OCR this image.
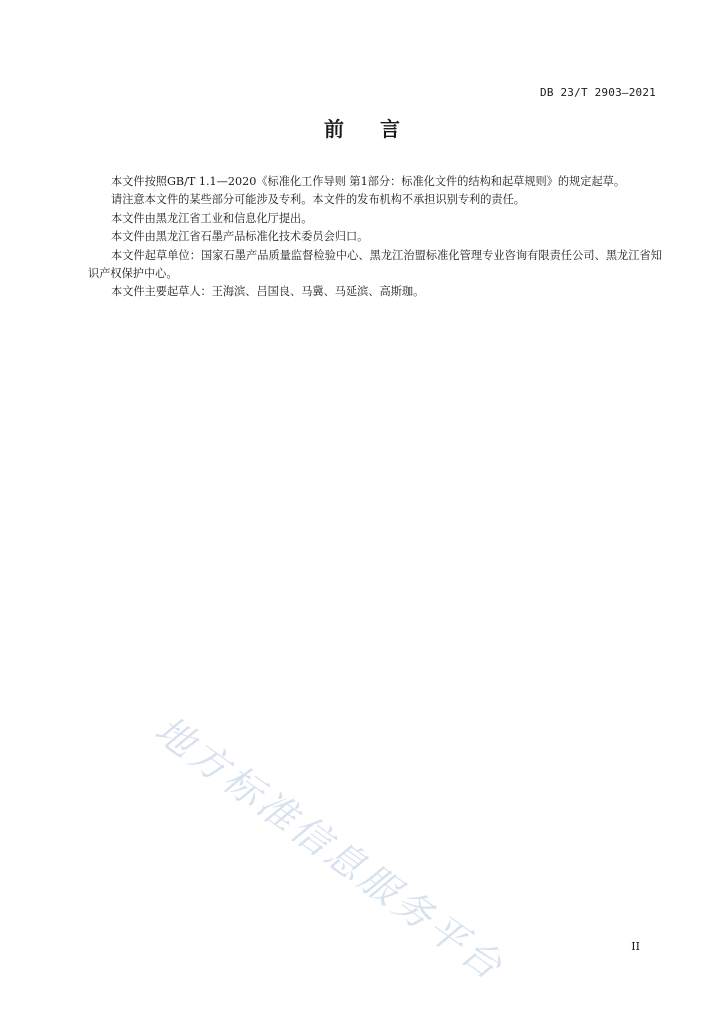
DB 23/T 2903—2021
前言

本文件按照GB/T 1.1—2020《标准化工作导则 第1部分：标准化文件的结构和起草规则》的规定起草。

请注意本文件的某些部分可能涉及专利。本文件的发布机构不承担识别专利的责任。

本文件由黑龙江省工业和信息化厅提出。

本文件由黑龙江省石墨产品标准化技术委员会归口。

本文件起草单位：国家石墨产品质量监督检验中心、黑龙江治盟标准化管理专业咨询有限责任公司、黑龙江省知识产权保护中心。

本文件主要起草人：王海滨、吕国良、马冀、马延滨、高斯珈。

地方标准信息服务平台	II
